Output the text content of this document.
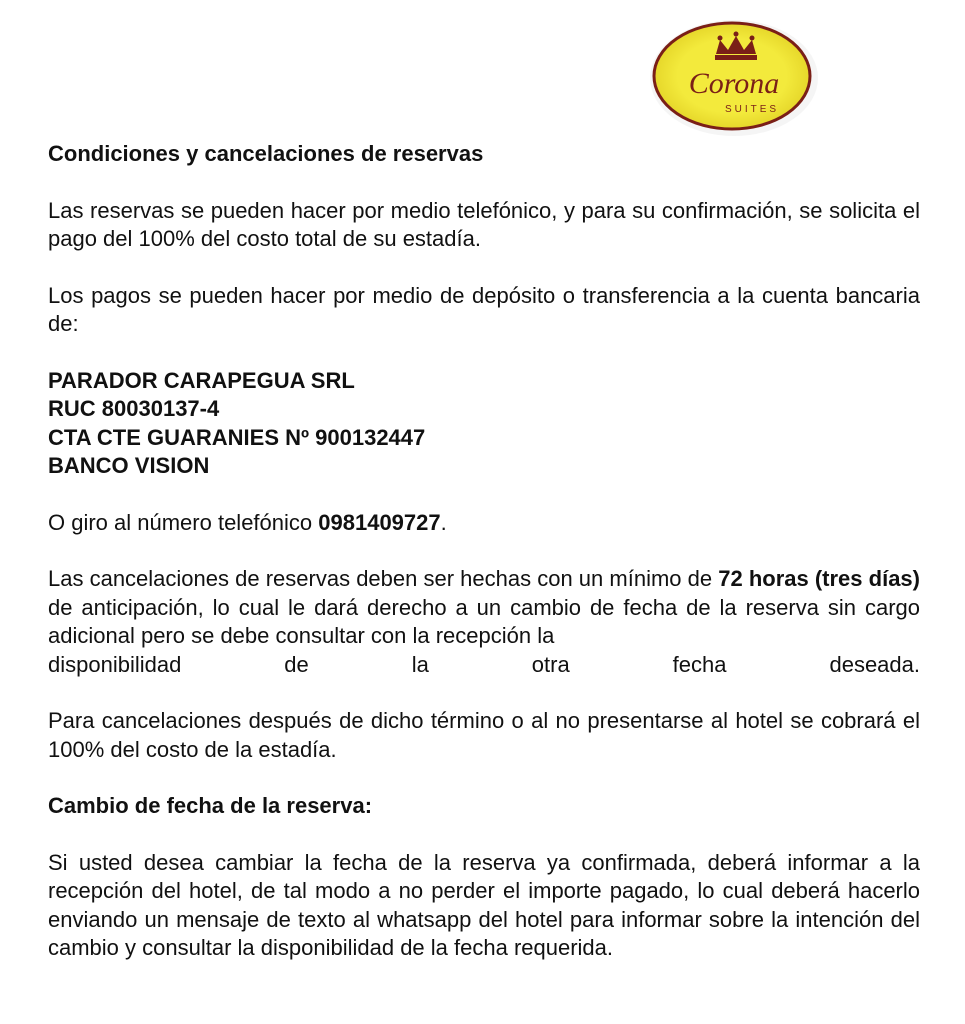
Corona
SUITES
Condiciones y cancelaciones de reservas

Las reservas se pueden hacer por medio telefónico, y para su confirmación, se solicita el pago del 100% del costo total de su estadía.

Los pagos se pueden hacer por medio de depósito o transferencia a la cuenta bancaria de:

PARADOR CARAPEGUA SRL
RUC 80030137-4
CTA CTE GUARANIES Nº 900132447
BANCO VISION

O giro al número telefónico 0981409727.

Las cancelaciones de reservas deben ser hechas con un mínimo de 72 horas (tres días) de anticipación, lo cual le dará derecho a un cambio de fecha de la reserva sin cargo adicional pero se debe consultar con la recepción la
disponibilidad de la otra fecha deseada.

Para cancelaciones después de dicho término o al no presentarse al hotel se cobrará el 100% del costo de la estadía.

Cambio de fecha de la reserva:

Si usted desea cambiar la fecha de la reserva ya confirmada, deberá informar a la recepción del hotel, de tal modo a no perder el importe pagado, lo cual deberá hacerlo enviando un mensaje de texto al whatsapp del hotel para informar sobre la intención del cambio y consultar la disponibilidad de la fecha requerida.
